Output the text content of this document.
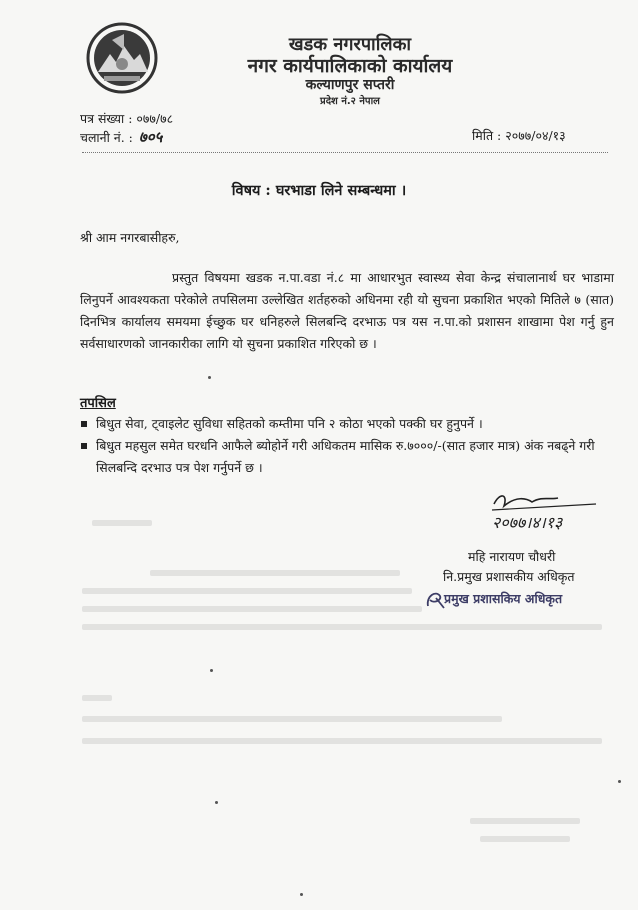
खडक नगरपालिका
नगर कार्यपालिकाको कार्यालय
कल्याणपुर सप्तरी
प्रदेश नं.२ नेपाल
पत्र संख्या : ०७७/७८
चलानी नं. : ७०५	मिति : २०७७/०४/१३
विषय : घरभाडा लिने सम्बन्धमा ।
श्री आम नगरबासीहरु,
प्रस्तुत विषयमा खडक न.पा.वडा नं.८ मा आधारभुत स्वास्थ्य सेवा केन्द्र संचालानार्थ घर भाडामा लिनुपर्ने आवश्यकता परेकोले तपसिलमा उल्लेखित शर्तहरुको अधिनमा रही यो सुचना प्रकाशित भएको मितिले ७ (सात) दिनभित्र कार्यालय समयमा ईच्छुक घर धनिहरुले सिलबन्दि दरभाऊ पत्र यस न.पा.को प्रशासन शाखामा पेश गर्नु हुन सर्वसाधारणको जानकारीका लागि यो सुचना प्रकाशित गरिएको छ ।
तपसिल
बिधुत सेवा, ट्वाइलेट सुविधा सहितको कम्तीमा पनि २ कोठा भएको पक्की घर हुनुपर्ने ।
बिधुत महसुल समेत घरधनि आफैले ब्योहोर्ने गरी अधिकतम मासिक रु.७०००/-(सात हजार मात्र) अंक नबढ्ने गरी सिलबन्दि दरभाउ पत्र पेश गर्नुपर्ने छ ।
२०७७।४।१३
महि नारायण चौधरी
नि.प्रमुख प्रशासकीय अधिकृत
प्रमुख प्रशासकिय अधिकृत
